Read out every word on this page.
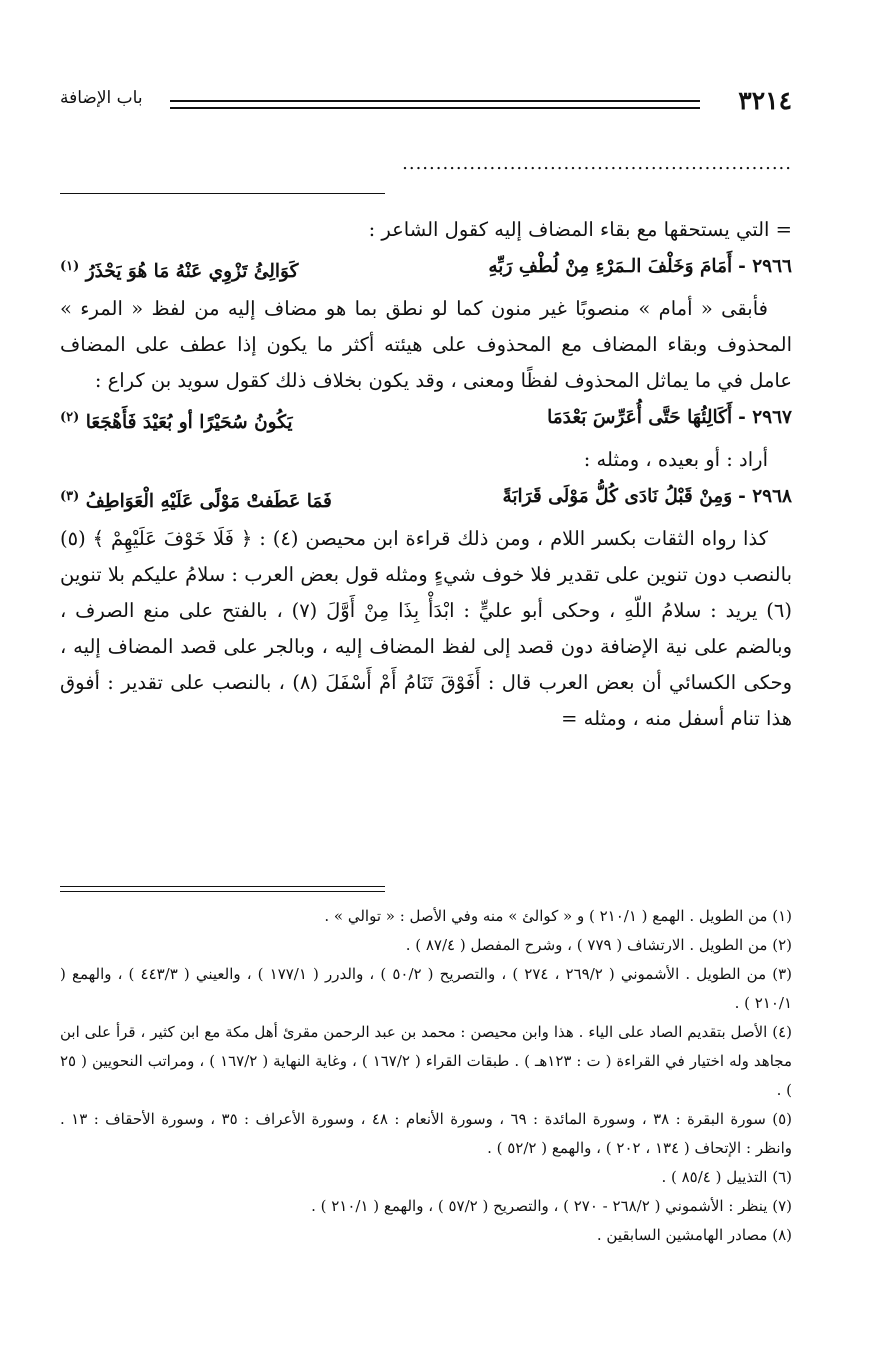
٣٢١٤
باب الإضافة
..........................................................

= التي يستحقها مع بقاء المضاف إليه كقول الشاعر :

٢٩٦٦ -أَمَامَ وَخَلْفَ الـمَرْءِ مِنْ لُطْفِ رَبِّهِ
كَوَالِئُ تَزْوِي عَنْهُ مَا هُوَ يَحْذَرُ $^{(١)}$

فأبقى « أمام » منصوبًا غير منون كما لو نطق بما هو مضاف إليه من لفظ « المرء » المحذوف وبقاء المضاف مع المحذوف على هيئته أكثر ما يكون إذا عطف على المضاف عامل في ما يماثل المحذوف لفظًا ومعنى ، وقد يكون بخلاف ذلك كقول سويد بن كراع :

٢٩٦٧ -أَكَالِئُهَا حَتَّى أُعَرِّسَ بَعْدَمَا
يَكُونُ سُحَيْرًا أو بُعَيْدَ فَأَهْجَعَا $^{(٢)}$

أراد : أو بعيده ، ومثله :

٢٩٦٨ -وَمِنْ قَبْلُ نَادَى كُلُّ مَوْلَى قَرَابَةً
فَمَا عَطَفتْ مَوْلًى عَلَيْهِ الْعَوَاطِفُ $^{(٣)}$

كذا رواه الثقات بكسر اللام ، ومن ذلك قراءة ابن محيصن (٤) : ﴿ فَلَا خَوْفَ عَلَيْهِمْ ﴾ (٥) بالنصب دون تنوين على تقدير فلا خوف شيءٍ ومثله قول بعض العرب : سلامُ عليكم بلا تنوين (٦) يريد : سلامُ اللّهِ ، وحكى أبو عليٍّ : ابْدَأْ بِذَا مِنْ أَوَّلَ (٧) ، بالفتح على منع الصرف ، وبالضم على نية الإضافة دون قصد إلى لفظ المضاف إليه ، وبالجر على قصد المضاف إليه ، وحكى الكسائي أن بعض العرب قال : أَفَوْقَ تَنَامُ أَمْ أَسْفَلَ (٨) ، بالنصب على تقدير : أفوق هذا تنام أسفل منه ، ومثله =

(١) من الطويل . الهمع ( ٢١٠/١ ) و « كوالئ » منه وفي الأصل : « توالي » .

(٢) من الطويل . الارتشاف ( ٧٧٩ ) ، وشرح المفصل ( ٨٧/٤ ) .

(٣) من الطويل . الأشموني ( ٢٦٩/٢ ، ٢٧٤ ) ، والتصريح ( ٥٠/٢ ) ، والدرر ( ١٧٧/١ ) ، والعيني ( ٤٤٣/٣ ) ، والهمع ( ٢١٠/١ ) .

(٤) الأصل بتقديم الصاد على الياء . هذا وابن محيصن : محمد بن عبد الرحمن مقرئ أهل مكة مع ابن كثير ، قرأ على ابن مجاهد وله اختيار في القراءة ( ت : ١٢٣هـ ) . طبقات القراء ( ١٦٧/٢ ) ، وغاية النهاية ( ١٦٧/٢ ) ، ومراتب النحويين ( ٢٥ ) .

(٥) سورة البقرة : ٣٨ ، وسورة المائدة : ٦٩ ، وسورة الأنعام : ٤٨ ، وسورة الأعراف : ٣٥ ، وسورة الأحقاف : ١٣ . وانظر : الإتحاف ( ١٣٤ ، ٢٠٢ ) ، والهمع ( ٥٢/٢ ) .

(٦) التذييل ( ٨٥/٤ ) .

(٧) ينظر : الأشموني ( ٢٦٨/٢ - ٢٧٠ ) ، والتصريح ( ٥٧/٢ ) ، والهمع ( ٢١٠/١ ) .

(٨) مصادر الهامشين السابقين .
